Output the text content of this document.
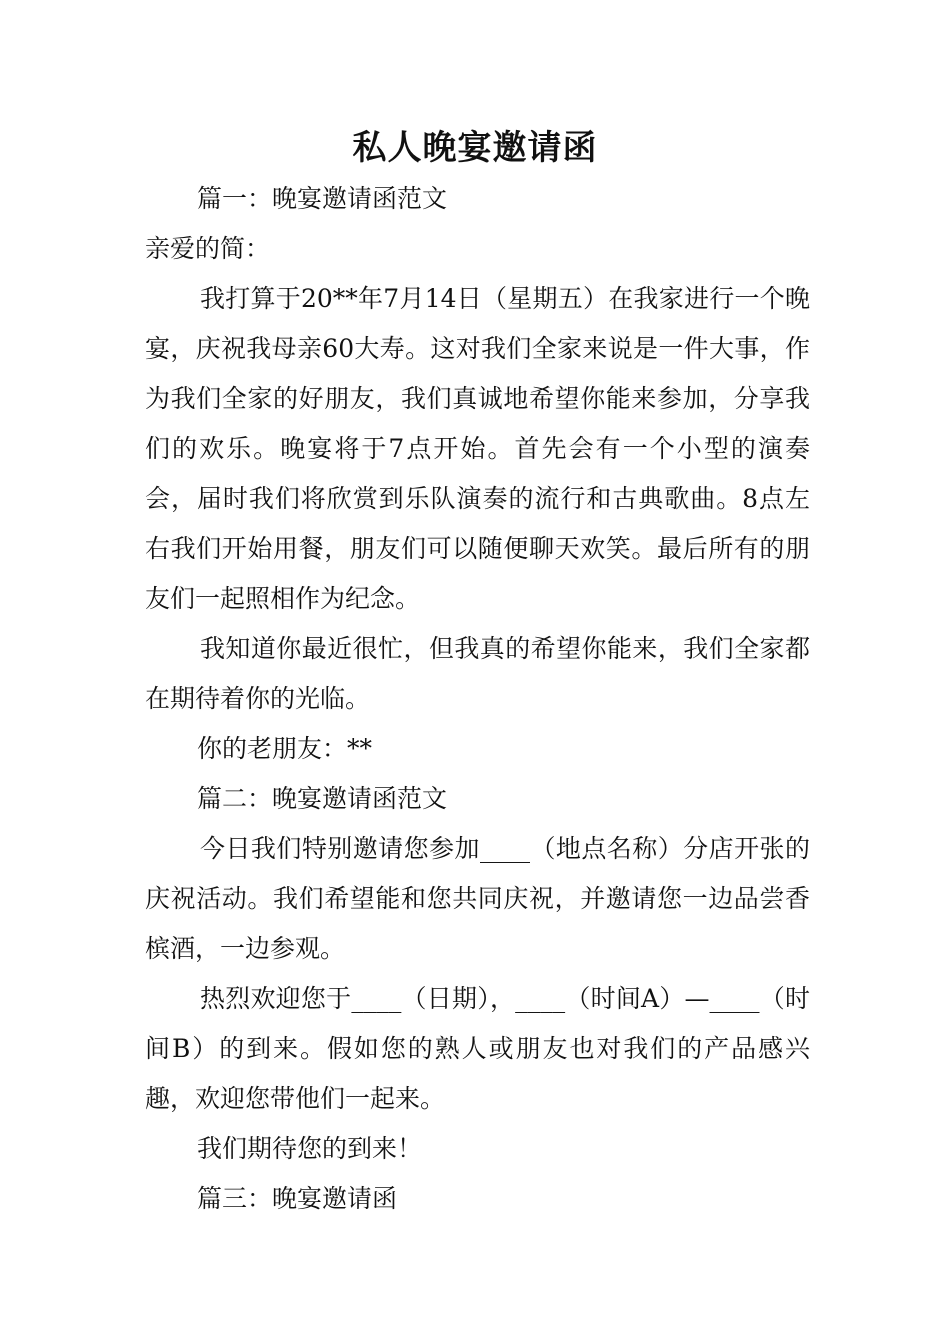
私人晚宴邀请函

篇一：晚宴邀请函范文

亲爱的简：

我打算于20**年7月14日（星期五）在我家进行一个晚宴，庆祝我母亲60大寿。这对我们全家来说是一件大事，作为我们全家的好朋友，我们真诚地希望你能来参加，分享我们的欢乐。晚宴将于7点开始。首先会有一个小型的演奏会，届时我们将欣赏到乐队演奏的流行和古典歌曲。8点左右我们开始用餐，朋友们可以随便聊天欢笑。最后所有的朋友们一起照相作为纪念。

我知道你最近很忙，但我真的希望你能来，我们全家都在期待着你的光临。

你的老朋友：**

篇二：晚宴邀请函范文

今日我们特别邀请您参加____（地点名称）分店开张的庆祝活动。我们希望能和您共同庆祝，并邀请您一边品尝香槟酒，一边参观。

热烈欢迎您于____（日期），____（时间A）—____（时间B）的到来。假如您的熟人或朋友也对我们的产品感兴趣，欢迎您带他们一起来。

我们期待您的到来！

篇三：晚宴邀请函
